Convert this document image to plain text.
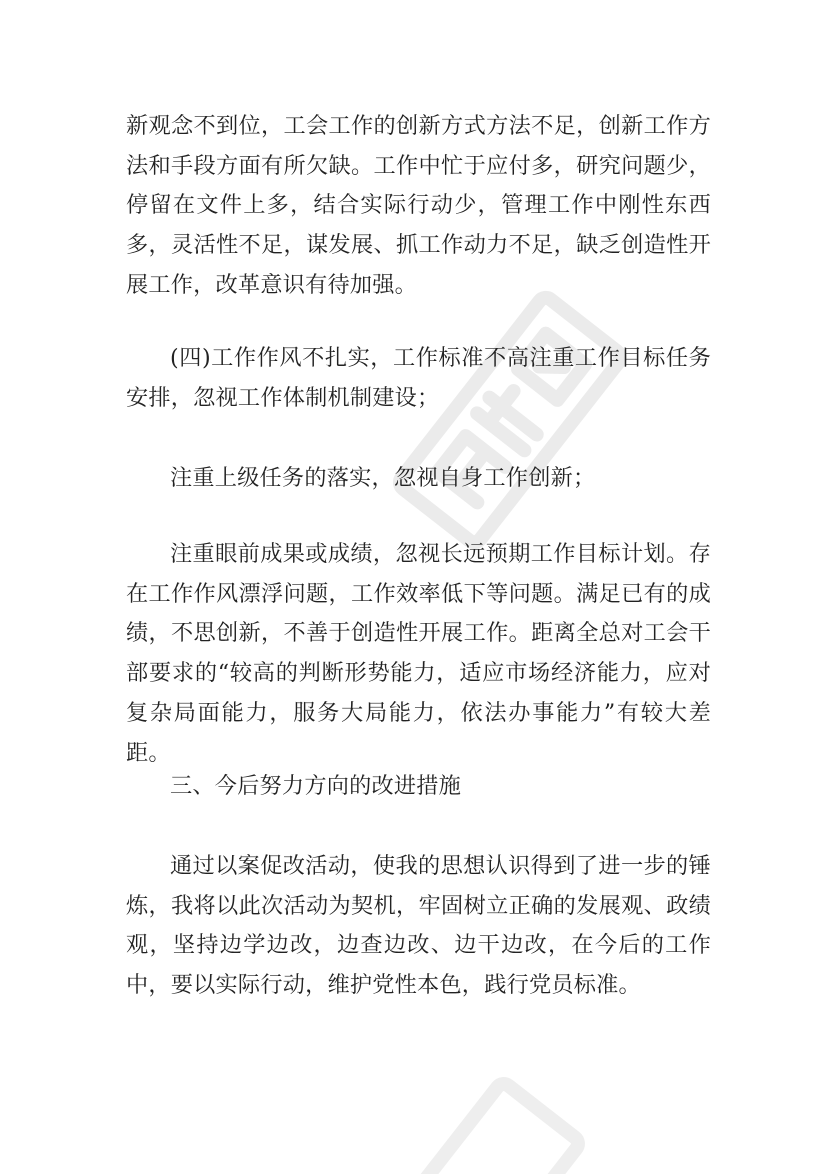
新观念不到位，工会工作的创新方式方法不足，创新工作方法和手段方面有所欠缺。工作中忙于应付多，研究问题少，停留在文件上多，结合实际行动少，管理工作中刚性东西多，灵活性不足，谋发展、抓工作动力不足，缺乏创造性开展工作，改革意识有待加强。

(四)工作作风不扎实，工作标准不高注重工作目标任务安排，忽视工作体制机制建设；

注重上级任务的落实，忽视自身工作创新；

注重眼前成果或成绩，忽视长远预期工作目标计划。存在工作作风漂浮问题，工作效率低下等问题。满足已有的成绩，不思创新，不善于创造性开展工作。距离全总对工会干部要求的“较高的判断形势能力，适应市场经济能力，应对复杂局面能力，服务大局能力，依法办事能力”有较大差距。

三、今后努力方向的改进措施

通过以案促改活动，使我的思想认识得到了进一步的锤炼，我将以此次活动为契机，牢固树立正确的发展观、政绩观，坚持边学边改，边查边改、边干边改，在今后的工作中，要以实际行动，维护党性本色，践行党员标准。
